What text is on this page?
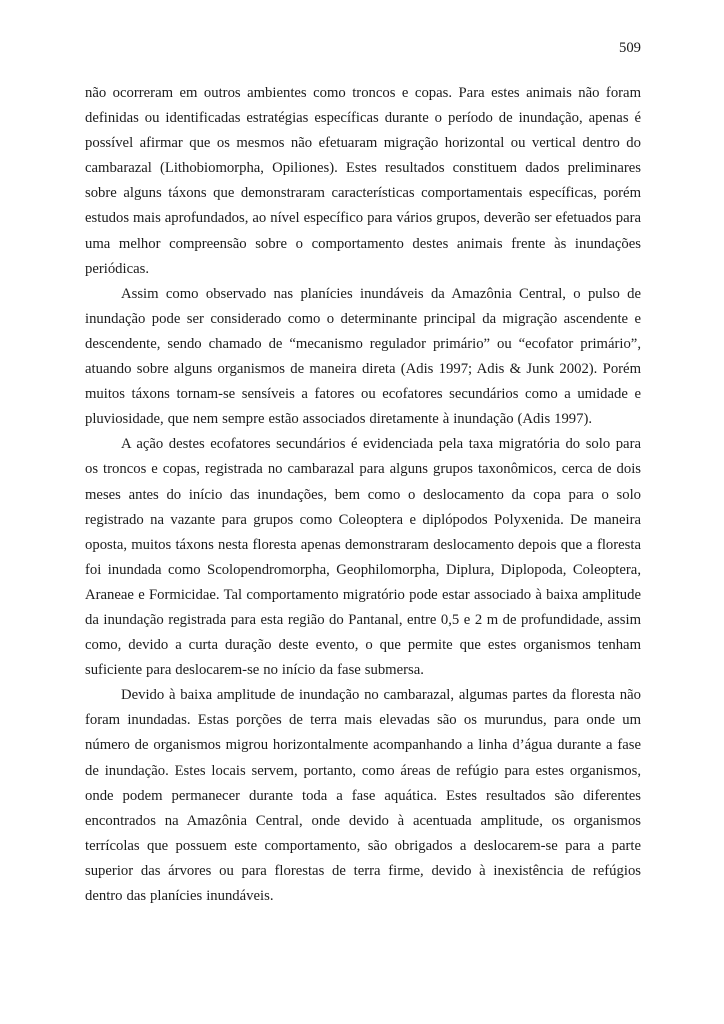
509
não ocorreram em outros ambientes como troncos e copas. Para estes animais não foram
definidas ou identificadas estratégias específicas durante o período de inundação, apenas é
possível afirmar que os mesmos não efetuaram migração horizontal ou vertical dentro do
cambarazal (Lithobiomorpha, Opiliones). Estes resultados constituem dados preliminares
sobre alguns táxons que demonstraram características comportamentais específicas, porém
estudos mais aprofundados, ao nível específico para vários grupos, deverão ser efetuados para
uma melhor compreensão sobre o comportamento destes animais frente às inundações
periódicas.
Assim como observado nas planícies inundáveis da Amazônia Central, o pulso de
inundação pode ser considerado como o determinante principal da migração ascendente e
descendente, sendo chamado de “mecanismo regulador primário” ou “ecofator primário”,
atuando sobre alguns organismos de maneira direta (Adis 1997; Adis & Junk 2002). Porém
muitos táxons tornam-se sensíveis a fatores ou ecofatores secundários como a umidade e
pluviosidade, que nem sempre estão associados diretamente à inundação (Adis 1997).
A ação destes ecofatores secundários é evidenciada pela taxa migratória do solo para
os troncos e copas, registrada no cambarazal para alguns grupos taxonômicos, cerca de dois
meses antes do início das inundações, bem como o deslocamento da copa para o solo
registrado na vazante para grupos como Coleoptera e diplópodos Polyxenida. De maneira
oposta, muitos táxons nesta floresta apenas demonstraram deslocamento depois que a floresta
foi inundada como Scolopendromorpha, Geophilomorpha, Diplura, Diplopoda, Coleoptera,
Araneae e Formicidae. Tal comportamento migratório pode estar associado à baixa amplitude
da inundação registrada para esta região do Pantanal, entre 0,5 e 2 m de profundidade, assim
como, devido a curta duração deste evento, o que permite que estes organismos tenham
suficiente para deslocarem-se no início da fase submersa.
Devido à baixa amplitude de inundação no cambarazal, algumas partes da floresta não
foram inundadas. Estas porções de terra mais elevadas são os murundus, para onde um
número de organismos migrou horizontalmente acompanhando a linha d’água durante a fase
de inundação. Estes locais servem, portanto, como áreas de refúgio para estes organismos,
onde podem permanecer durante toda a fase aquática. Estes resultados são diferentes
encontrados na Amazônia Central, onde devido à acentuada amplitude, os organismos
terrícolas que possuem este comportamento, são obrigados a deslocarem-se para a parte
superior das árvores ou para florestas de terra firme, devido à inexistência de refúgios
dentro das planícies inundáveis.
